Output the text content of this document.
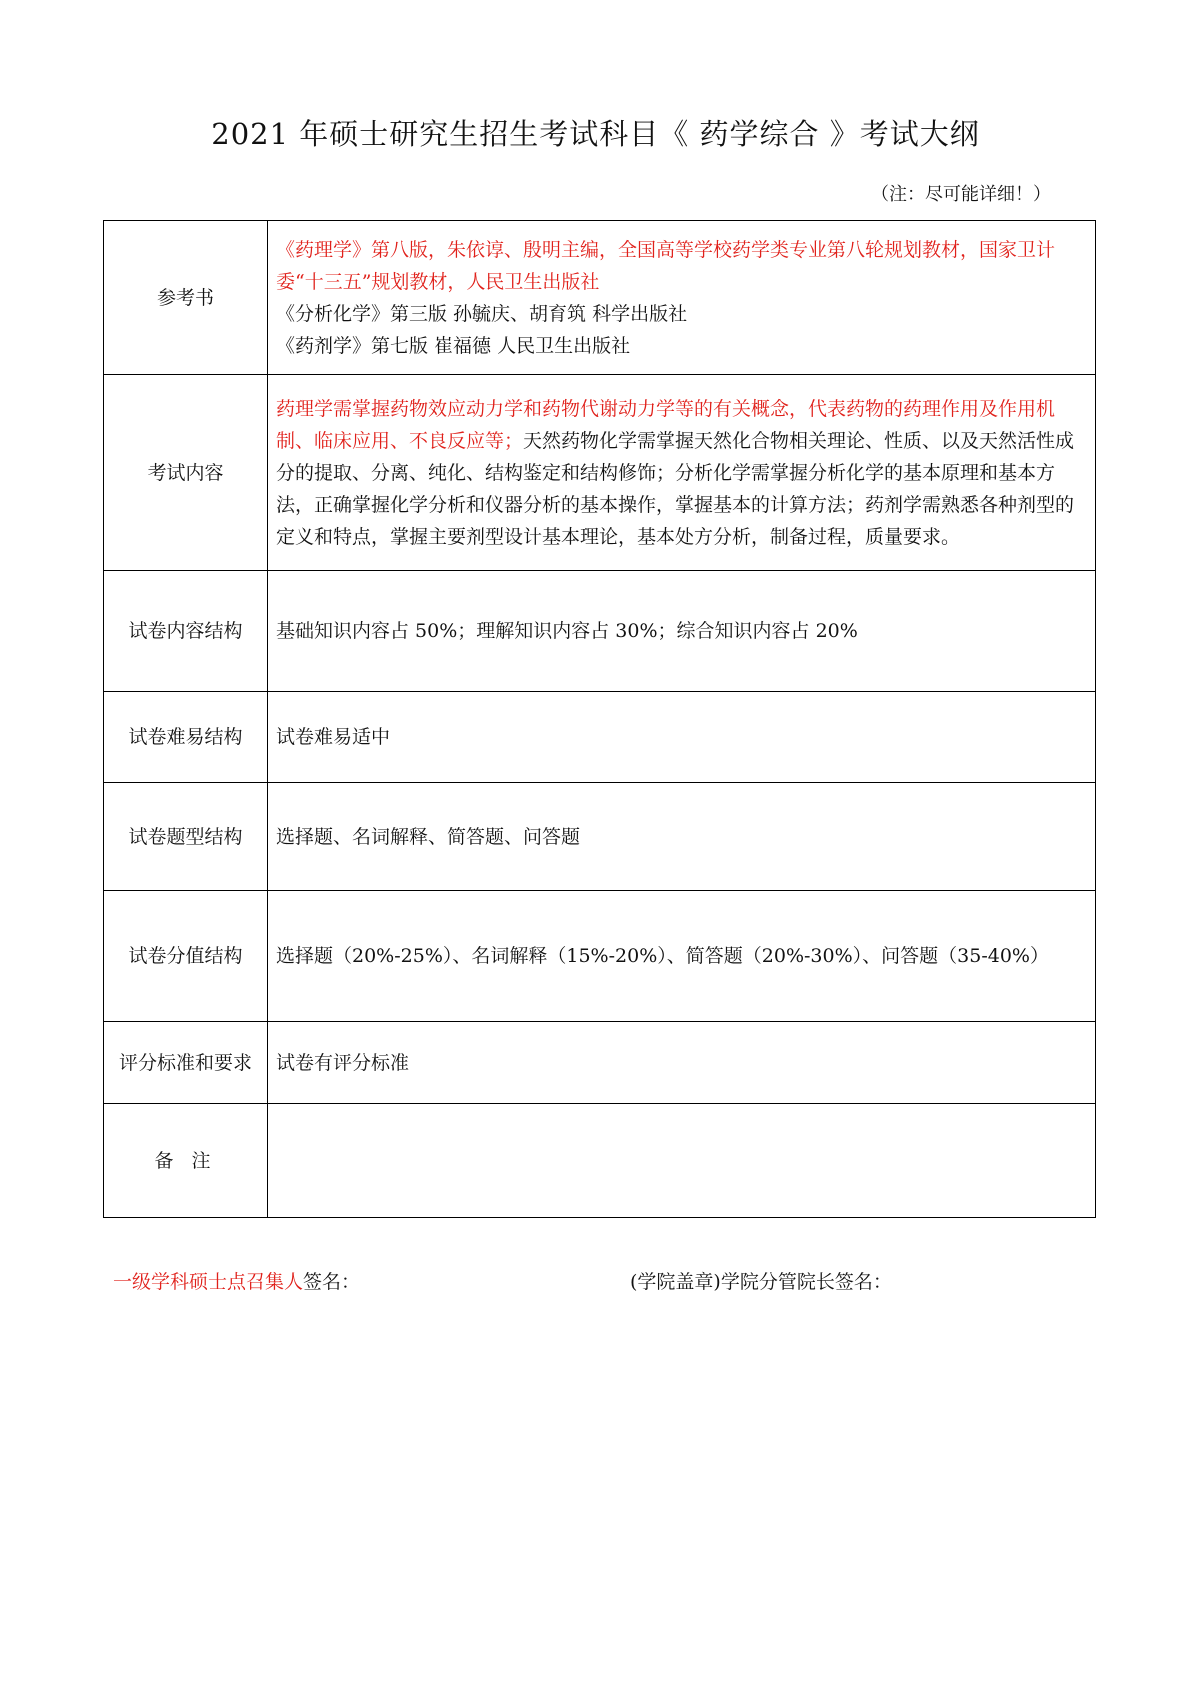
2021 年硕士研究生招生考试科目《 药学综合 》考试大纲
（注：尽可能详细！）
参考书	《药理学》第八版，朱依谆、殷明主编，全国高等学校药学类专业第八轮规划教材，国家卫计委“十三五”规划教材，人民卫生出版社
《分析化学》第三版 孙毓庆、胡育筑 科学出版社
《药剂学》第七版 崔福德 人民卫生出版社

考试内容	药理学需掌握药物效应动力学和药物代谢动力学等的有关概念，代表药物的药理作用及作用机制、临床应用、不良反应等；天然药物化学需掌握天然化合物相关理论、性质、以及天然活性成分的提取、分离、纯化、结构鉴定和结构修饰；分析化学需掌握分析化学的基本原理和基本方法，正确掌握化学分析和仪器分析的基本操作，掌握基本的计算方法；药剂学需熟悉各种剂型的定义和特点，掌握主要剂型设计基本理论，基本处方分析，制备过程，质量要求。
试卷内容结构	基础知识内容占 50%；理解知识内容占 30%；综合知识内容占 20%
试卷难易结构	试卷难易适中
试卷题型结构	选择题、名词解释、简答题、问答题
试卷分值结构	选择题（20%-25%）、名词解释（15%-20%）、简答题（20%-30%）、问答题（35-40%）
评分标准和要求	试卷有评分标准
备 注	
一级学科硕士点召集人签名：	(学院盖章)学院分管院长签名：
